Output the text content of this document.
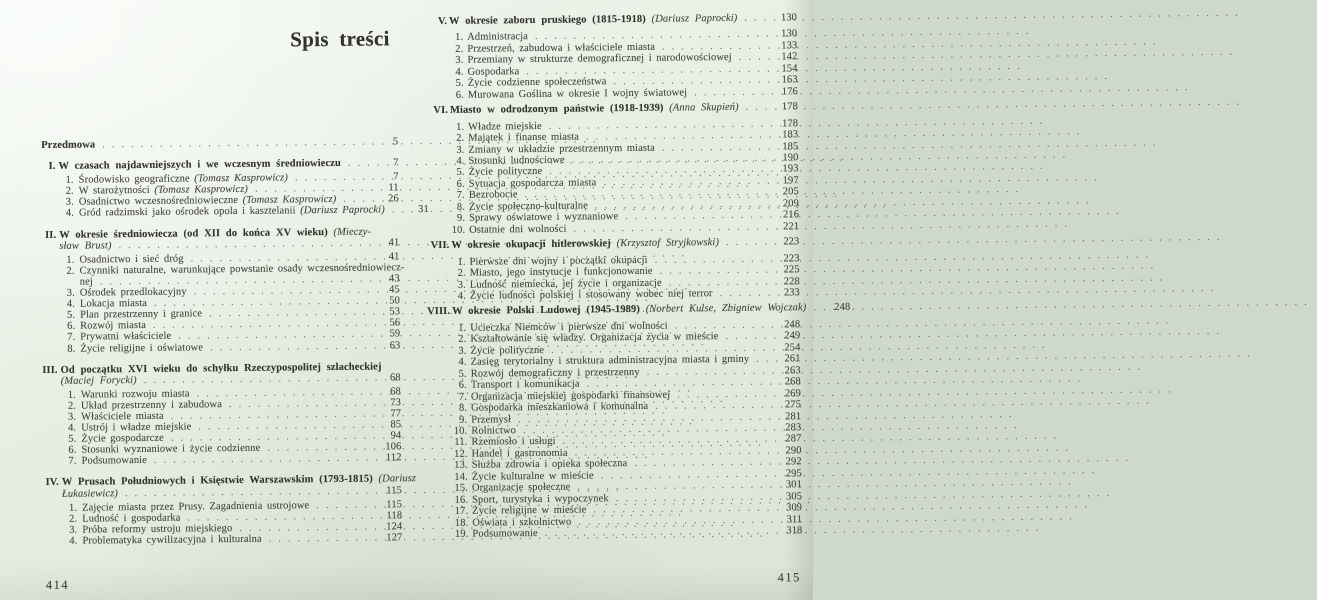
Spis treści
Przedmowa .....	5
I. W czasach najdawniejszych i we wczesnym średniowieczu .....	7
1. Środowisko geograficzne (Tomasz Kasprowicz) .....	7
2. W starożytności (Tomasz Kasprowicz) .....	11
3. Osadnictwo wczesnośredniowieczne (Tomasz Kasprowicz) .....	26
4. Gród radzimski jako ośrodek opola i kasztelanii (Dariusz Paprocki) .....	31
II. W okresie średniowiecza (od XII do końca XV wieku) (Mieczy-
sław Brust) .....	41
1. Osadnictwo i sieć dróg .....	41
2. Czynniki naturalne, warunkujące powstanie osady wczesnośredniowiecz-
nej .....	43
3. Ośrodek przedlokacyjny .....	45
4. Lokacja miasta .....	50
5. Plan przestrzenny i granice .....	53
6. Rozwój miasta .....	56
7. Prywatni właściciele .....	59
8. Życie religijne i oświatowe .....	63
III. Od początku XVI wieku do schyłku Rzeczypospolitej szlacheckiej
(Maciej Forycki) .....	68
1. Warunki rozwoju miasta .....	68
2. Układ przestrzenny i zabudowa .....	73
3. Właściciele miasta .....	77
4. Ustrój i władze miejskie .....	85
5. Życie gospodarcze .....	94
6. Stosunki wyznaniowe i życie codzienne .....	106
7. Podsumowanie .....	112
IV. W Prusach Południowych i Księstwie Warszawskim (1793-1815) (Dariusz
Łukasiewicz) .....	115
1. Zajęcie miasta przez Prusy. Zagadnienia ustrojowe .....	115
2. Ludność i gospodarka .....	118
3. Próba reformy ustroju miejskiego .....	124
4. Problematyka cywilizacyjna i kulturalna .....	127
414
V. W okresie zaboru pruskiego (1815-1918) (Dariusz Paprocki) .....	130
1. Administracja .....	130
2. Przestrzeń, zabudowa i właściciele miasta .....	133
3. Przemiany w strukturze demograficznej i narodowościowej .....	142
4. Gospodarka .....	154
5. Życie codzienne społeczeństwa .....	163
6. Murowana Goślina w okresie I wojny światowej .....	176
VI. Miasto w odrodzonym państwie (1918-1939) (Anna Skupień) .....	178
1. Władze miejskie .....	178
2. Majątek i finanse miasta .....	183
3. Zmiany w układzie przestrzennym miasta .....	185
4. Stosunki ludnościowe .....	190
5. Życie polityczne .....	193
6. Sytuacja gospodarcza miasta .....	197
7. Bezrobocie .....	205
8. Życie społeczno-kulturalne .....	209
9. Sprawy oświatowe i wyznaniowe .....	216
10. Ostatnie dni wolności .....	221
VII. W okresie okupacji hitlerowskiej (Krzysztof Stryjkowski) .....	223
1. Pierwsze dni wojny i początki okupacji .....	223
2. Miasto, jego instytucje i funkcjonowanie .....	225
3. Ludność niemiecka, jej życie i organizacje .....	228
4. Życie ludności polskiej i stosowany wobec niej terror .....	233
VIII. W okresie Polski Ludowej (1945-1989) (Norbert Kulse, Zbigniew Wojczak) .....	248
1. Ucieczka Niemców i pierwsze dni wolności .....	248
2. Kształtowanie się władzy. Organizacja życia w mieście .....	249
3. Życie polityczne .....	254
4. Zasięg terytorialny i struktura administracyjna miasta i gminy .....	261
5. Rozwój demograficzny i przestrzenny .....	263
6. Transport i komunikacja .....	268
7. Organizacja miejskiej gospodarki finansowej .....	269
8. Gospodarka mieszkaniowa i komunalna .....	275
9. Przemysł .....	281
10. Rolnictwo .....	283
11. Rzemiosło i usługi .....	287
12. Handel i gastronomia .....	290
13. Służba zdrowia i opieka społeczna .....	292
14. Życie kulturalne w mieście .....	295
15. Organizacje społeczne .....	301
16. Sport, turystyka i wypoczynek .....	305
17. Życie religijne w mieście .....	309
18. Oświata i szkolnictwo .....	311
19. Podsumowanie .....	318
415
